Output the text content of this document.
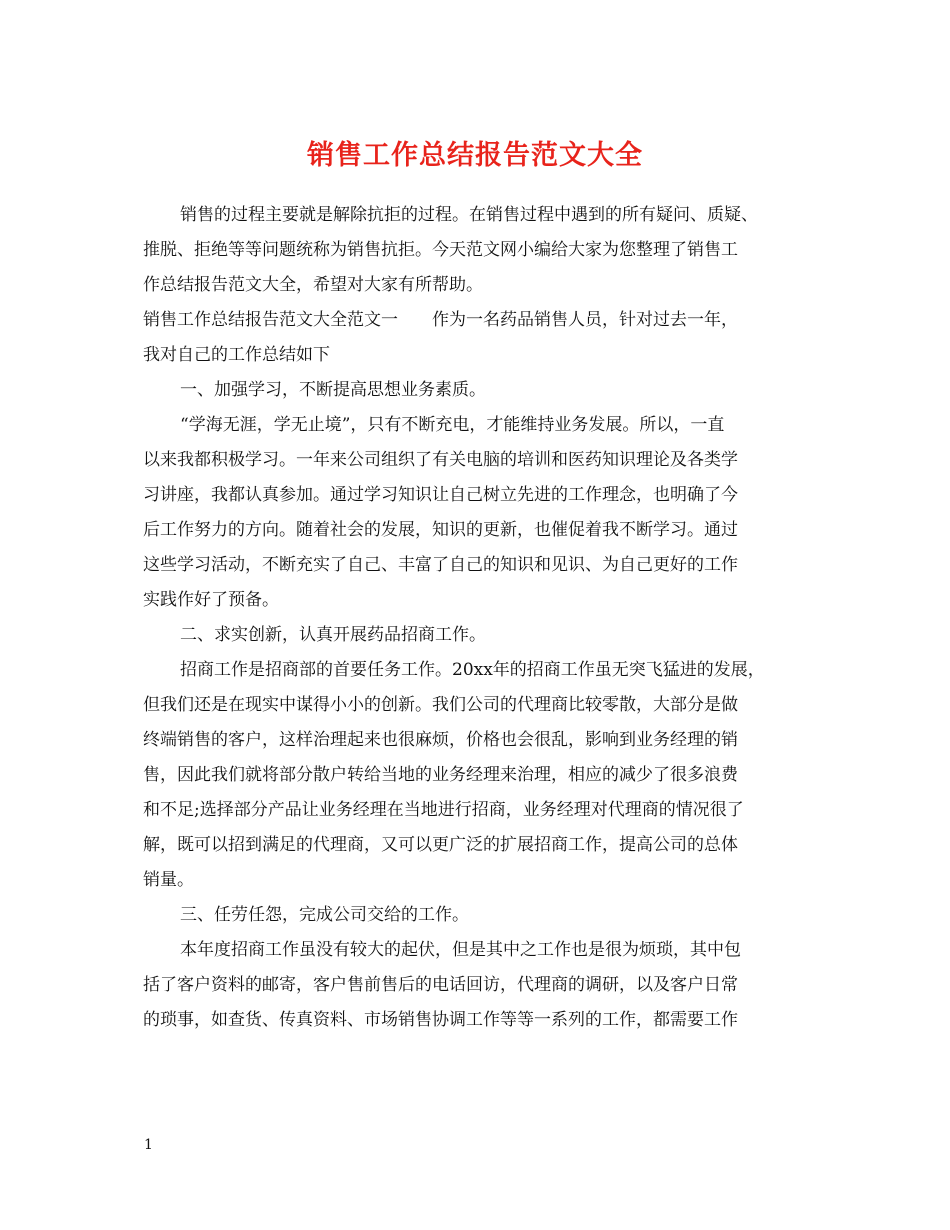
销售工作总结报告范文大全
销售的过程主要就是解除抗拒的过程。在销售过程中遇到的所有疑问、质疑、
推脱、拒绝等等问题统称为销售抗拒。今天范文网小编给大家为您整理了销售工
作总结报告范文大全，希望对大家有所帮助。
销售工作总结报告范文大全范文一　　作为一名药品销售人员，针对过去一年，
我对自己的工作总结如下
一、加强学习，不断提高思想业务素质。
“学海无涯，学无止境”，只有不断充电，才能维持业务发展。所以，一直
以来我都积极学习。一年来公司组织了有关电脑的培训和医药知识理论及各类学
习讲座，我都认真参加。通过学习知识让自己树立先进的工作理念，也明确了今
后工作努力的方向。随着社会的发展，知识的更新，也催促着我不断学习。通过
这些学习活动，不断充实了自己、丰富了自己的知识和见识、为自己更好的工作
实践作好了预备。
二、求实创新，认真开展药品招商工作。
招商工作是招商部的首要任务工作。20xx年的招商工作虽无突飞猛进的发展，
但我们还是在现实中谋得小小的创新。我们公司的代理商比较零散，大部分是做
终端销售的客户，这样治理起来也很麻烦，价格也会很乱，影响到业务经理的销
售，因此我们就将部分散户转给当地的业务经理来治理，相应的减少了很多浪费
和不足;选择部分产品让业务经理在当地进行招商，业务经理对代理商的情况很了
解，既可以招到满足的代理商，又可以更广泛的扩展招商工作，提高公司的总体
销量。
三、任劳任怨，完成公司交给的工作。
本年度招商工作虽没有较大的起伏，但是其中之工作也是很为烦琐，其中包
括了客户资料的邮寄，客户售前售后的电话回访，代理商的调研，以及客户日常
的琐事，如查货、传真资料、市场销售协调工作等等一系列的工作，都需要工作
1
